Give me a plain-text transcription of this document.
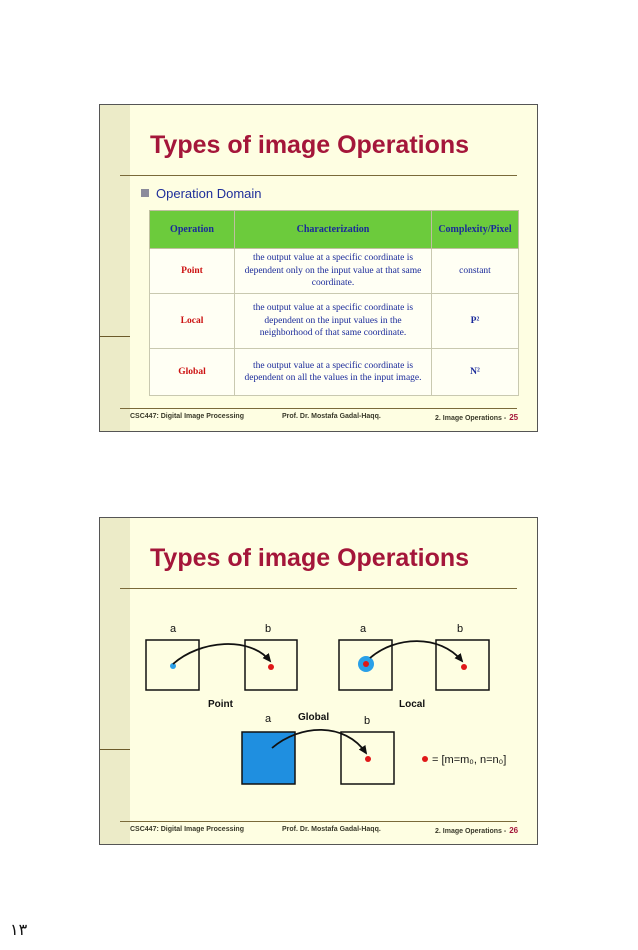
Types of image Operations
Operation Domain
Operation	Characterization	Complexity/Pixel
Point	the output value at a specific coordinate is dependent only on the input value at that same coordinate.	constant
Local	the output value at a specific coordinate is dependent on the input values in the neighborhood of that same coordinate.	P²
Global	the output value at a specific coordinate is dependent on all the values in the input image.	N²
CSC447: Digital Image Processing	Prof. Dr. Mostafa Gadal-Haqq.	2. Image Operations - 25
Types of image Operations
a	b
Point
a	b
Local
a	Global	b
= [m=m₀, n=n₀]
CSC447: Digital Image Processing	Prof. Dr. Mostafa Gadal-Haqq.	2. Image Operations - 26
١٣
